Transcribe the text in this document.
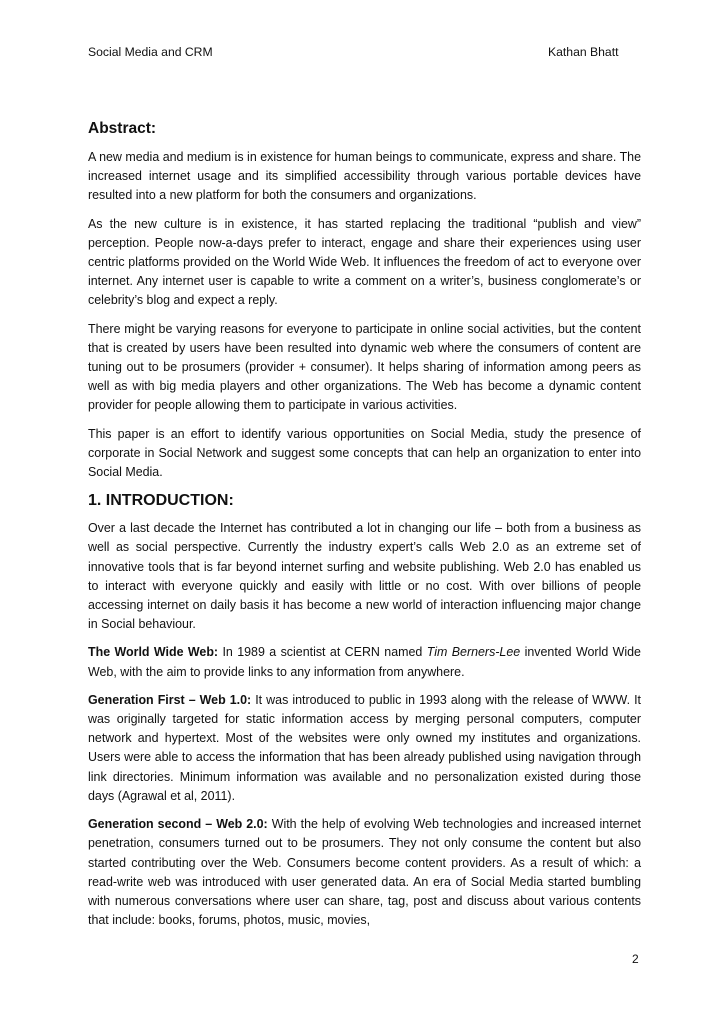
Social Media and CRM	Kathan Bhatt
Abstract:

A new media and medium is in existence for human beings to communicate, express and share. The increased internet usage and its simplified accessibility through various portable devices have resulted into a new platform for both the consumers and organizations.

As the new culture is in existence, it has started replacing the traditional “publish and view” perception. People now-a-days prefer to interact, engage and share their experiences using user centric platforms provided on the World Wide Web. It influences the freedom of act to everyone over internet. Any internet user is capable to write a comment on a writer’s, business conglomerate’s or celebrity’s blog and expect a reply.

There might be varying reasons for everyone to participate in online social activities, but the content that is created by users have been resulted into dynamic web where the consumers of content are tuning out to be prosumers (provider + consumer). It helps sharing of information among peers as well as with big media players and other organizations. The Web has become a dynamic content provider for people allowing them to participate in various activities.

This paper is an effort to identify various opportunities on Social Media, study the presence of corporate in Social Network and suggest some concepts that can help an organization to enter into Social Media.

1. INTRODUCTION:

Over a last decade the Internet has contributed a lot in changing our life – both from a business as well as social perspective. Currently the industry expert’s calls Web 2.0 as an extreme set of innovative tools that is far beyond internet surfing and website publishing. Web 2.0 has enabled us to interact with everyone quickly and easily with little or no cost. With over billions of people accessing internet on daily basis it has become a new world of interaction influencing major change in Social behaviour.

The World Wide Web: In 1989 a scientist at CERN named Tim Berners-Lee invented World Wide Web, with the aim to provide links to any information from anywhere.

Generation First – Web 1.0: It was introduced to public in 1993 along with the release of WWW. It was originally targeted for static information access by merging personal computers, computer network and hypertext. Most of the websites were only owned my institutes and organizations. Users were able to access the information that has been already published using navigation through link directories. Minimum information was available and no personalization existed during those days (Agrawal et al, 2011).

Generation second – Web 2.0: With the help of evolving Web technologies and increased internet penetration, consumers turned out to be prosumers. They not only consume the content but also started contributing over the Web. Consumers become content providers. As a result of which: a read-write web was introduced with user generated data. An era of Social Media started bumbling with numerous conversations where user can share, tag, post and discuss about various contents that include: books, forums, photos, music, movies,

2
